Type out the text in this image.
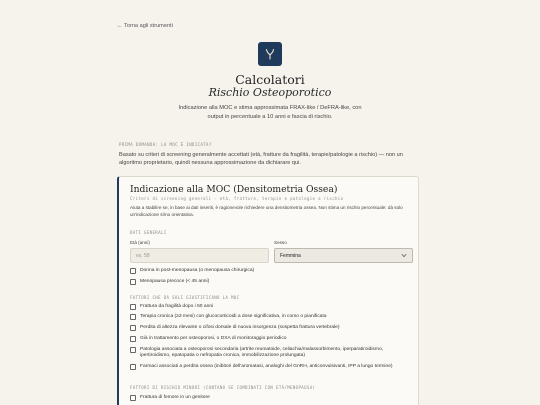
← Torna agli strumenti
Calcolatori
Rischio Osteoporotico
Indicazione alla MOC e stima approssimata FRAX-like / DeFRA-like, con output in percentuale a 10 anni e fascia di rischio.
PRIMA DOMANDA: LA MOC È INDICATA?
Basato su criteri di screening generalmente accettati (età, fratture da fragilità, terapie/patologie a rischio) — non un algoritmo proprietario, quindi nessuna approssimazione da dichiarare qui.
Indicazione alla MOC (Densitometria Ossea)
Criteri di screening generali - età, fratture, terapie e patologie a rischio
Aiuta a stabilire se, in base ai dati inseriti, è ragionevole richiedere una densitometria ossea. Non stima un rischio percentuale: dà solo un'indicazione sì/no orientativa.
DATI GENERALI
Età (anni)
es. 58
Sesso
Femmina
Donna in post-menopausa (o menopausa chirurgica)
Menopausa precoce (< 45 anni)
FATTORI CHE DA SOLI GIUSTIFICANO LA MOC
Frattura da fragilità dopo i 50 anni
Terapia cronica (≥3 mesi) con glucocorticoidi a dose significativa, in corso o pianificata
Perdita di altezza rilevante o cifosi dorsale di nuova insorgenza (sospetta frattura vertebrale)
Già in trattamento per osteoporosi, o DXA di monitoraggio periodico
Patologia associata a osteoporosi secondaria (artrite reumatoide, celiachia/malassorbimento, iperparatiroidismo, ipertiroidismo, epatopatia o nefropatia cronica, immobilizzazione prolungata)
Farmaci associati a perdita ossea (inibitori dell'aromatasi, analoghi del GnRH, anticonvulsivanti, IPP a lungo termine)
FATTORI DI RISCHIO MINORI (CONTANO SE COMBINATI CON ETÀ/MENOPAUSA)
Frattura di femore in un genitore
